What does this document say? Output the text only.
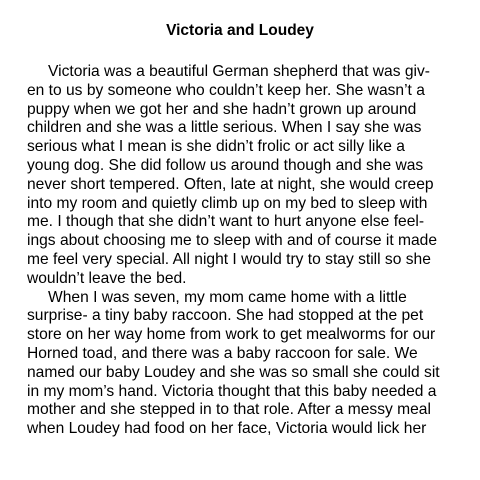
Victoria and Loudey
Victoria was a beautiful German shepherd that was giv-
en to us by someone who couldn’t keep her. She wasn’t a
puppy when we got her and she hadn’t grown up around
children and she was a little serious. When I say she was
serious what I mean is she didn’t frolic or act silly like a
young dog. She did follow us around though and she was
never short tempered. Often, late at night, she would creep
into my room and quietly climb up on my bed to sleep with
me. I though that she didn’t want to hurt anyone else feel-
ings about choosing me to sleep with and of course it made
me feel very special. All night I would try to stay still so she
wouldn’t leave the bed.
When I was seven, my mom came home with a little
surprise- a tiny baby raccoon. She had stopped at the pet
store on her way home from work to get mealworms for our
Horned toad, and there was a baby raccoon for sale. We
named our baby Loudey and she was so small she could sit
in my mom’s hand. Victoria thought that this baby needed a
mother and she stepped in to that role. After a messy meal
when Loudey had food on her face, Victoria would lick her
